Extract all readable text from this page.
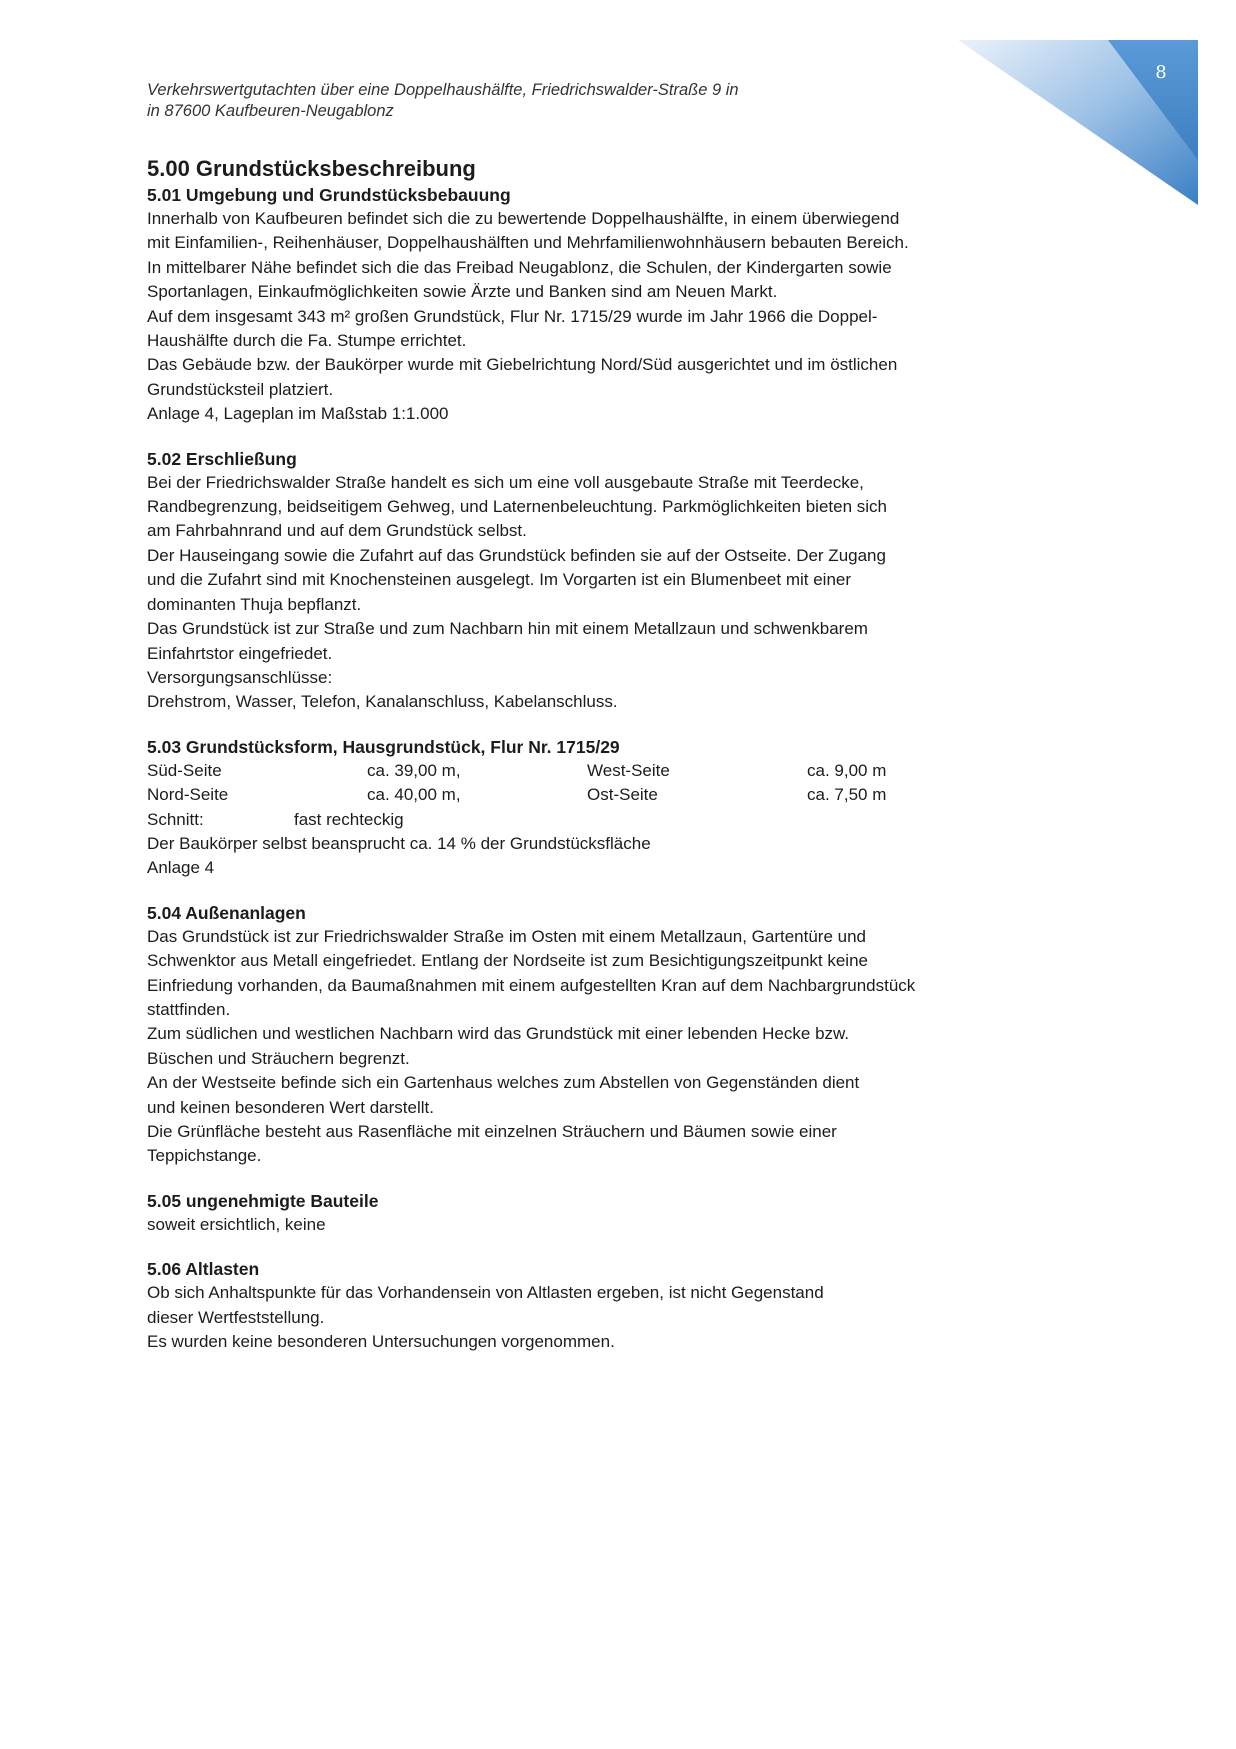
8
Verkehrswertgutachten über eine Doppelhaushälfte, Friedrichswalder-Straße 9 in
in 87600 Kaufbeuren-Neugablonz
5.00 Grundstücksbeschreibung
5.01 Umgebung und Grundstücksbebauung

Innerhalb von Kaufbeuren befindet sich die zu bewertende Doppelhaushälfte, in einem überwiegend

mit Einfamilien-, Reihenhäuser, Doppelhaushälften und Mehrfamilienwohnhäusern bebauten Bereich.

In mittelbarer Nähe befindet sich die das Freibad Neugablonz, die Schulen, der Kindergarten sowie

Sportanlagen, Einkaufmöglichkeiten sowie Ärzte und Banken sind am Neuen Markt.

Auf dem insgesamt 343 m² großen Grundstück, Flur Nr. 1715/29 wurde im Jahr 1966 die Doppel-

Haushälfte durch die Fa. Stumpe errichtet.

Das Gebäude bzw. der Baukörper wurde mit Giebelrichtung Nord/Süd ausgerichtet und im östlichen

Grundstücksteil platziert.

Anlage 4, Lageplan im Maßstab 1:1.000

5.02 Erschließung

Bei der Friedrichswalder Straße handelt es sich um eine voll ausgebaute Straße mit Teerdecke,

Randbegrenzung, beidseitigem Gehweg, und Laternenbeleuchtung. Parkmöglichkeiten bieten sich

am Fahrbahnrand und auf dem Grundstück selbst.

Der Hauseingang sowie die Zufahrt auf das Grundstück befinden sie auf der Ostseite. Der Zugang

und die Zufahrt sind mit Knochensteinen ausgelegt. Im Vorgarten ist ein Blumenbeet mit einer

dominanten Thuja bepflanzt.

Das Grundstück ist zur Straße und zum Nachbarn hin mit einem Metallzaun und schwenkbarem

Einfahrtstor eingefriedet.

Versorgungsanschlüsse:

Drehstrom, Wasser, Telefon, Kanalanschluss, Kabelanschluss.

5.03 Grundstücksform, Hausgrundstück, Flur Nr. 1715/29
Süd-Seite	ca. 39,00 m,	West-Seite	ca. 9,00 m
Nord-Seite	ca. 40,00 m,	Ost-Seite	ca. 7,50 m
Schnitt:	fast rechteckig

Der Baukörper selbst beansprucht ca. 14 % der Grundstücksfläche

Anlage 4

5.04 Außenanlagen

Das Grundstück ist zur Friedrichswalder Straße im Osten mit einem Metallzaun, Gartentüre und

Schwenktor aus Metall eingefriedet. Entlang der Nordseite ist zum Besichtigungszeitpunkt keine

Einfriedung vorhanden, da Baumaßnahmen mit einem aufgestellten Kran auf dem Nachbargrundstück

stattfinden.

Zum südlichen und westlichen Nachbarn wird das Grundstück mit einer lebenden Hecke bzw.

Büschen und Sträuchern begrenzt.

An der Westseite befinde sich ein Gartenhaus welches zum Abstellen von Gegenständen dient

und keinen besonderen Wert darstellt.

Die Grünfläche besteht aus Rasenfläche mit einzelnen Sträuchern und Bäumen sowie einer

Teppichstange.

5.05 ungenehmigte Bauteile

soweit ersichtlich, keine

5.06 Altlasten

Ob sich Anhaltspunkte für das Vorhandensein von Altlasten ergeben, ist nicht Gegenstand

dieser Wertfeststellung.

Es wurden keine besonderen Untersuchungen vorgenommen.
